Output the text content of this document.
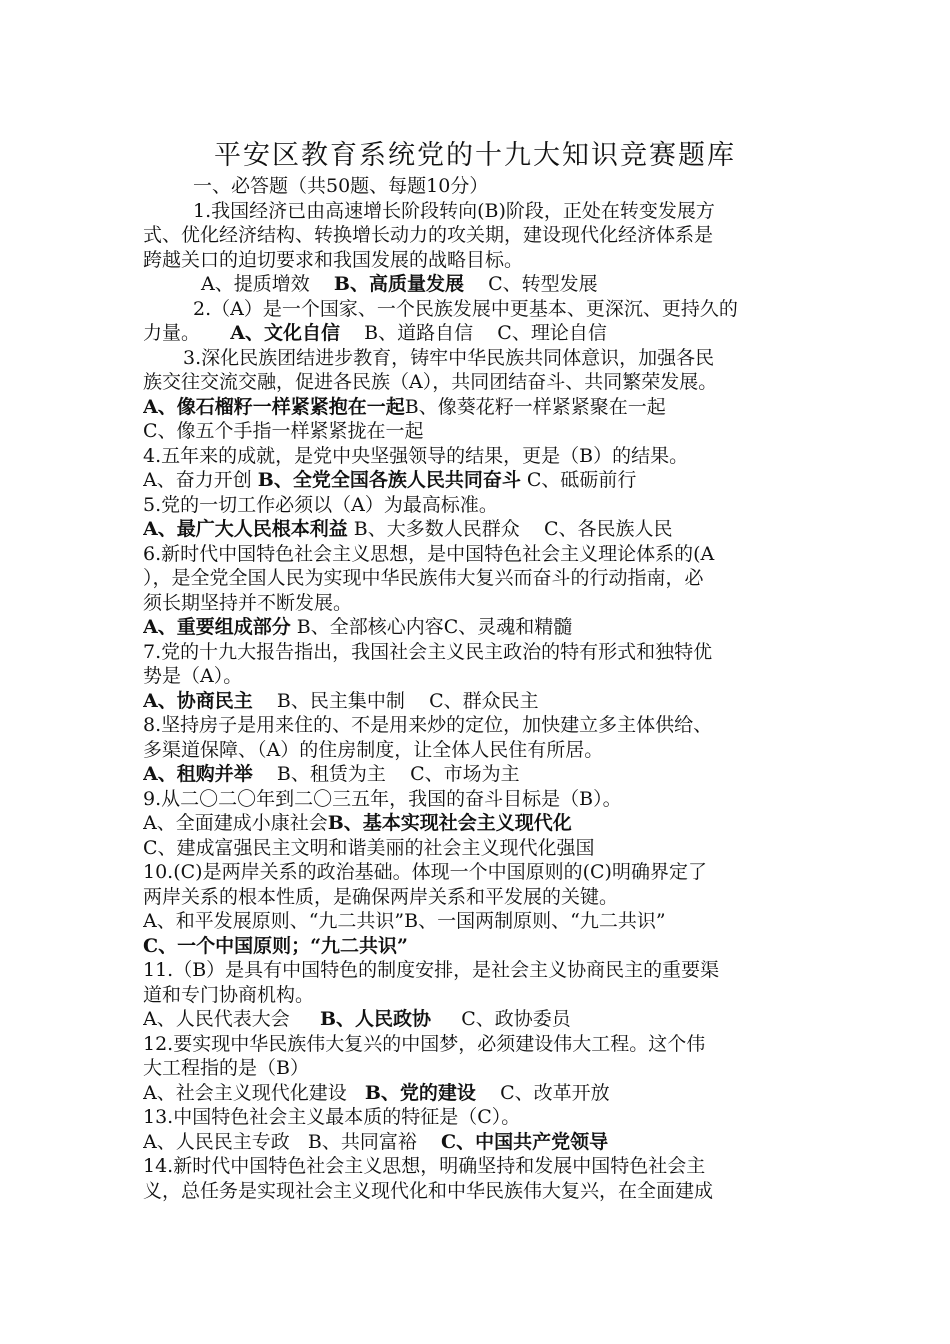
平安区教育系统党的十九大知识竞赛题库
一、必答题（共50题、每题10分）
1.我国经济已由高速增长阶段转向(B)阶段，正处在转变发展方
式、优化经济结构、转换增长动力的攻关期，建设现代化经济体系是
跨越关口的迫切要求和我国发展的战略目标。
A、提质增效 B、高质量发展 C、转型发展
2.（A）是一个国家、一个民族发展中更基本、更深沉、更持久的
力量。 A、文化自信 B、道路自信 C、理论自信
3.深化民族团结进步教育，铸牢中华民族共同体意识，加强各民
族交往交流交融，促进各民族（A），共同团结奋斗、共同繁荣发展。
A、像石榴籽一样紧紧抱在一起B、像葵花籽一样紧紧聚在一起
C、像五个手指一样紧紧拢在一起
4.五年来的成就，是党中央坚强领导的结果，更是（B）的结果。
A、奋力开创 B、全党全国各族人民共同奋斗 C、砥砺前行
5.党的一切工作必须以（A）为最高标准。
A、最广大人民根本利益 B、大多数人民群众 C、各民族人民
6.新时代中国特色社会主义思想，是中国特色社会主义理论体系的(A
），是全党全国人民为实现中华民族伟大复兴而奋斗的行动指南，必
须长期坚持并不断发展。
A、重要组成部分 B、全部核心内容C、灵魂和精髓
7.党的十九大报告指出，我国社会主义民主政治的特有形式和独特优
势是（A）。
A、协商民主 B、民主集中制 C、群众民主
8.坚持房子是用来住的、不是用来炒的定位，加快建立多主体供给、
多渠道保障、（A）的住房制度，让全体人民住有所居。
A、租购并举 B、租赁为主 C、市场为主
9.从二〇二〇年到二〇三五年，我国的奋斗目标是（B）。
A、全面建成小康社会B、基本实现社会主义现代化
C、建成富强民主文明和谐美丽的社会主义现代化强国
10.(C)是两岸关系的政治基础。体现一个中国原则的(C)明确界定了
两岸关系的根本性质，是确保两岸关系和平发展的关键。
A、和平发展原则、“九二共识”B、一国两制原则、“九二共识”
C、一个中国原则；“九二共识”
11.（B）是具有中国特色的制度安排，是社会主义协商民主的重要渠
道和专门协商机构。
A、人民代表大会 B、人民政协 C、政协委员
12.要实现中华民族伟大复兴的中国梦，必须建设伟大工程。这个伟
大工程指的是（B）
A、社会主义现代化建设 B、党的建设 C、改革开放
13.中国特色社会主义最本质的特征是（C）。
A、人民民主专政 B、共同富裕 C、中国共产党领导
14.新时代中国特色社会主义思想，明确坚持和发展中国特色社会主
义，总任务是实现社会主义现代化和中华民族伟大复兴，在全面建成
